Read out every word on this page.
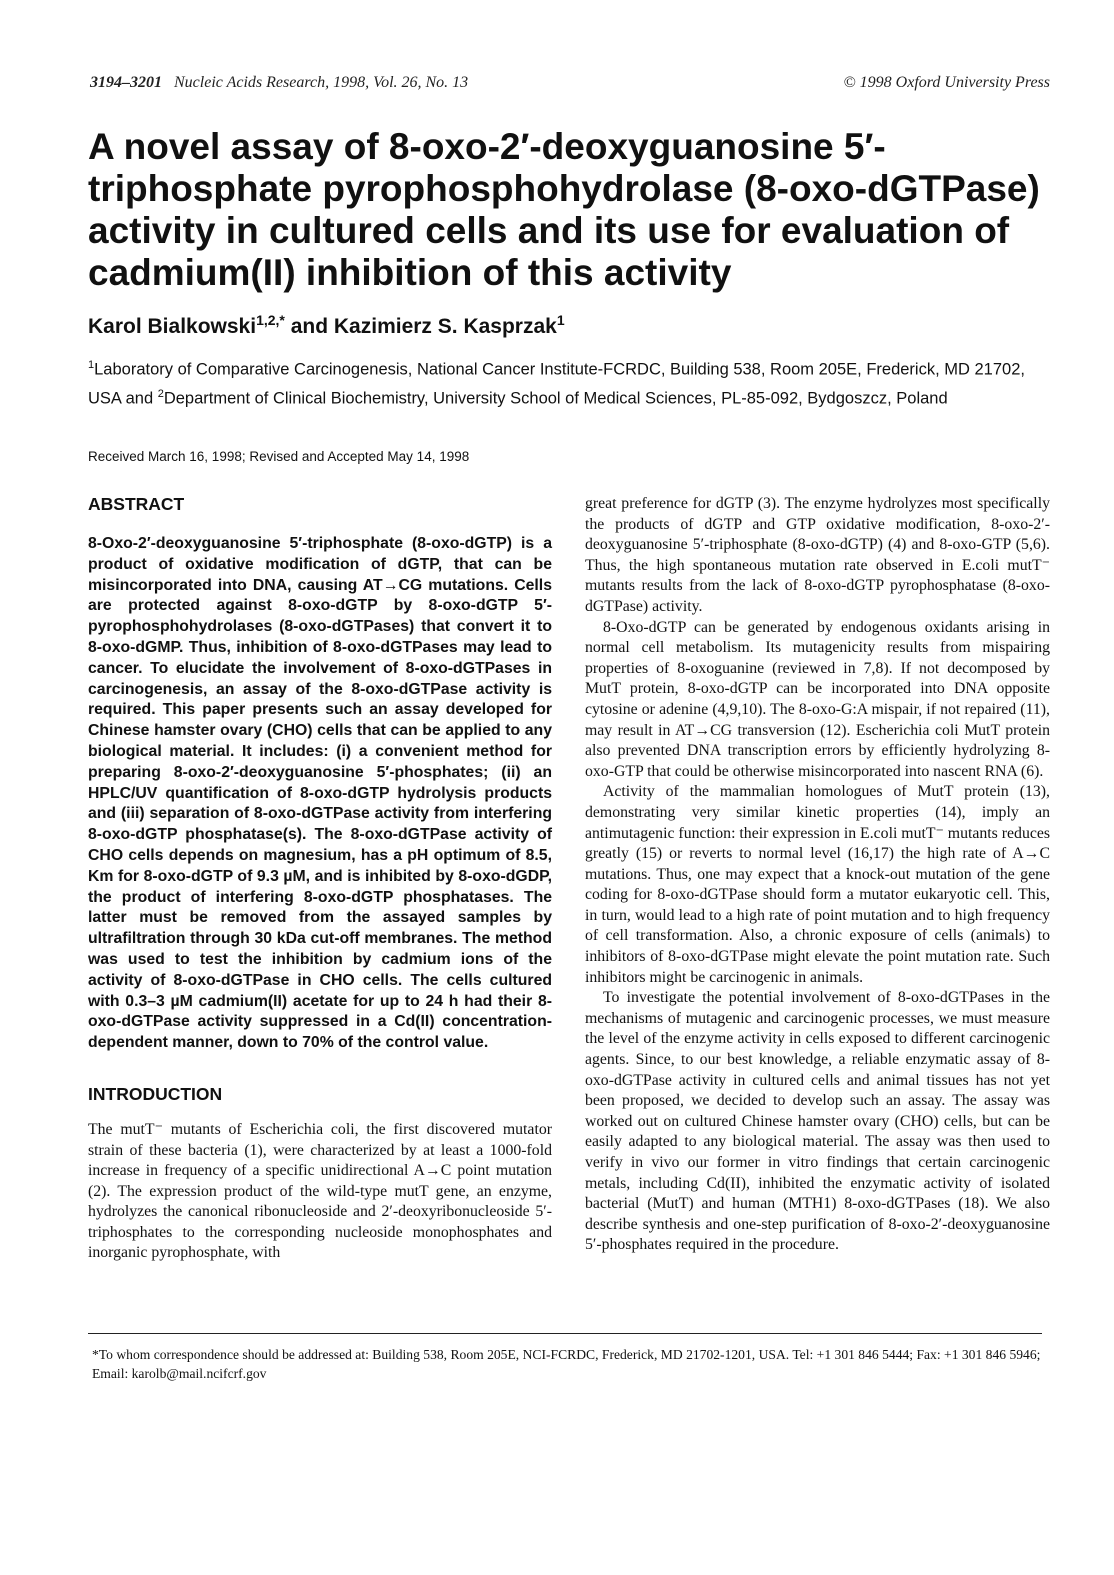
3194–3201 Nucleic Acids Research, 1998, Vol. 26, No. 13	© 1998 Oxford University Press
A novel assay of 8-oxo-2′-deoxyguanosine 5′-triphosphate pyrophosphohydrolase (8-oxo-dGTPase) activity in cultured cells and its use for evaluation of cadmium(II) inhibition of this activity
Karol Bialkowski$^{1,2,*}$ and Kazimierz S. Kasprzak$^1$
$^1$Laboratory of Comparative Carcinogenesis, National Cancer Institute-FCRDC, Building 538, Room 205E, Frederick, MD 21702, USA and $^2$Department of Clinical Biochemistry, University School of Medical Sciences, PL-85-092, Bydgoszcz, Poland
Received March 16, 1998; Revised and Accepted May 14, 1998
ABSTRACT

8-Oxo-2′-deoxyguanosine 5′-triphosphate (8-oxo-dGTP) is a product of oxidative modification of dGTP, that can be misincorporated into DNA, causing AT→CG mutations. Cells are protected against 8-oxo-dGTP by 8-oxo-dGTP 5′-pyrophosphohydrolases (8-oxo-dGTPases) that convert it to 8-oxo-dGMP. Thus, inhibition of 8-oxo-dGTPases may lead to cancer. To elucidate the involvement of 8-oxo-dGTPases in carcinogenesis, an assay of the 8-oxo-dGTPase activity is required. This paper presents such an assay developed for Chinese hamster ovary (CHO) cells that can be applied to any biological material. It includes: (i) a convenient method for preparing 8-oxo-2′-deoxyguanosine 5′-phosphates; (ii) an HPLC/UV quantification of 8-oxo-dGTP hydrolysis products and (iii) separation of 8-oxo-dGTPase activity from interfering 8-oxo-dGTP phosphatase(s). The 8-oxo-dGTPase activity of CHO cells depends on magnesium, has a pH optimum of 8.5, Km for 8-oxo-dGTP of 9.3 µM, and is inhibited by 8-oxo-dGDP, the product of interfering 8-oxo-dGTP phosphatases. The latter must be removed from the assayed samples by ultrafiltration through 30 kDa cut-off membranes. The method was used to test the inhibition by cadmium ions of the activity of 8-oxo-dGTPase in CHO cells. The cells cultured with 0.3–3 µM cadmium(II) acetate for up to 24 h had their 8-oxo-dGTPase activity suppressed in a Cd(II) concentration-dependent manner, down to 70% of the control value.

INTRODUCTION

The mutT⁻ mutants of Escherichia coli, the first discovered mutator strain of these bacteria (1), were characterized by at least a 1000-fold increase in frequency of a specific unidirectional A→C point mutation (2). The expression product of the wild-type mutT gene, an enzyme, hydrolyzes the canonical ribonucleoside and 2′-deoxyribonucleoside 5′-triphosphates to the corresponding nucleoside monophosphates and inorganic pyrophosphate, with

great preference for dGTP (3). The enzyme hydrolyzes most specifically the products of dGTP and GTP oxidative modification, 8-oxo-2′-deoxyguanosine 5′-triphosphate (8-oxo-dGTP) (4) and 8-oxo-GTP (5,6). Thus, the high spontaneous mutation rate observed in E.coli mutT⁻ mutants results from the lack of 8-oxo-dGTP pyrophosphatase (8-oxo-dGTPase) activity.

8-Oxo-dGTP can be generated by endogenous oxidants arising in normal cell metabolism. Its mutagenicity results from mispairing properties of 8-oxoguanine (reviewed in 7,8). If not decomposed by MutT protein, 8-oxo-dGTP can be incorporated into DNA opposite cytosine or adenine (4,9,10). The 8-oxo-G:A mispair, if not repaired (11), may result in AT→CG transversion (12). Escherichia coli MutT protein also prevented DNA transcription errors by efficiently hydrolyzing 8-oxo-GTP that could be otherwise misincorporated into nascent RNA (6).

Activity of the mammalian homologues of MutT protein (13), demonstrating very similar kinetic properties (14), imply an antimutagenic function: their expression in E.coli mutT⁻ mutants reduces greatly (15) or reverts to normal level (16,17) the high rate of A→C mutations. Thus, one may expect that a knock-out mutation of the gene coding for 8-oxo-dGTPase should form a mutator eukaryotic cell. This, in turn, would lead to a high rate of point mutation and to high frequency of cell transformation. Also, a chronic exposure of cells (animals) to inhibitors of 8-oxo-dGTPase might elevate the point mutation rate. Such inhibitors might be carcinogenic in animals.

To investigate the potential involvement of 8-oxo-dGTPases in the mechanisms of mutagenic and carcinogenic processes, we must measure the level of the enzyme activity in cells exposed to different carcinogenic agents. Since, to our best knowledge, a reliable enzymatic assay of 8-oxo-dGTPase activity in cultured cells and animal tissues has not yet been proposed, we decided to develop such an assay. The assay was worked out on cultured Chinese hamster ovary (CHO) cells, but can be easily adapted to any biological material. The assay was then used to verify in vivo our former in vitro findings that certain carcinogenic metals, including Cd(II), inhibited the enzymatic activity of isolated bacterial (MutT) and human (MTH1) 8-oxo-dGTPases (18). We also describe synthesis and one-step purification of 8-oxo-2′-deoxyguanosine 5′-phosphates required in the procedure.

*To whom correspondence should be addressed at: Building 538, Room 205E, NCI-FCRDC, Frederick, MD 21702-1201, USA. Tel: +1 301 846 5444; Fax: +1 301 846 5946; Email: karolb@mail.ncifcrf.gov
